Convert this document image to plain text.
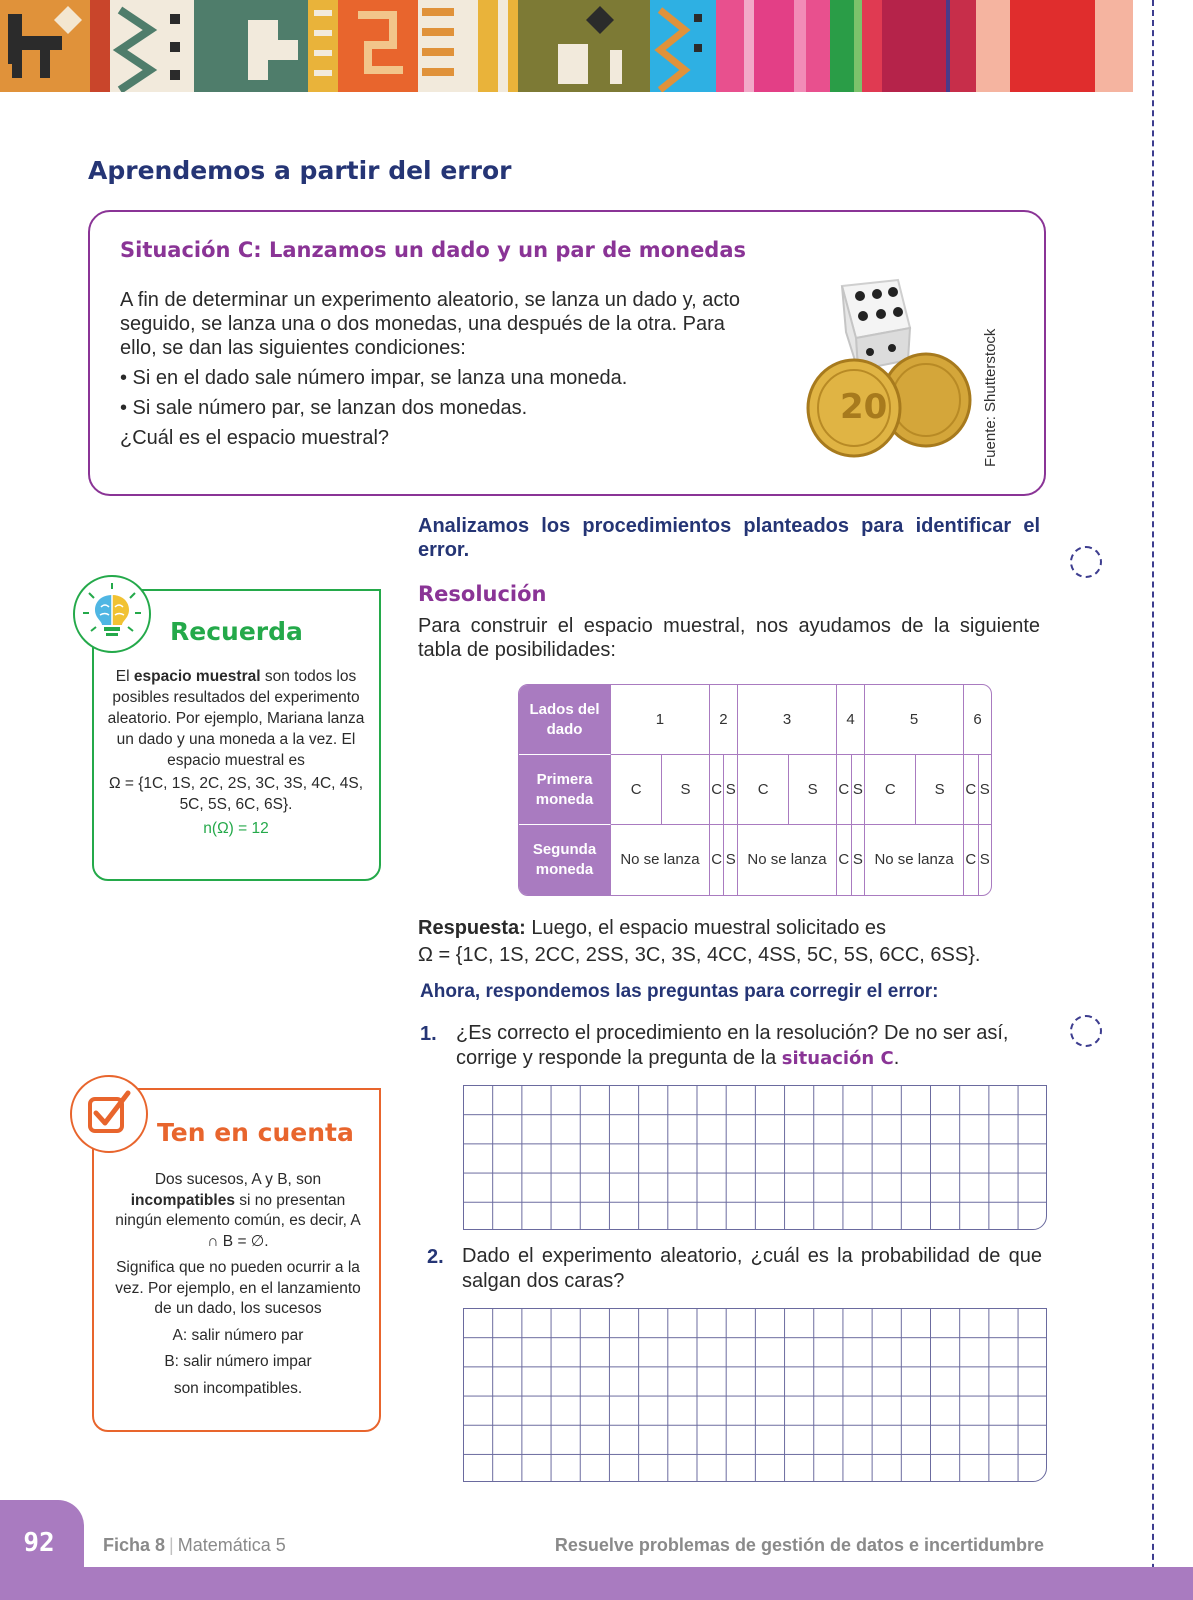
Aprendemos a partir del error
Situación C: Lanzamos un dado y un par de monedas

A fin de determinar un experimento aleatorio, se lanza un dado y, acto seguido, se lanza una o dos monedas, una después de la otra. Para ello, se dan las siguientes condiciones:

• Si en el dado sale número impar, se lanza una moneda.
• Si sale número par, se lanzan dos monedas.
¿Cuál es el espacio muestral?
20	Fuente: Shutterstock
Recuerda
El espacio muestral son todos los posibles resultados del experimento aleatorio. Por ejemplo, Mariana lanza un dado y una moneda a la vez. El espacio muestral es
Ω = {1C, 1S, 2C, 2S, 3C, 3S, 4C, 4S, 5C, 5S, 6C, 6S}.
n(Ω) = 12
Ten en cuenta

Dos sucesos, A y B, son incompatibles si no presentan ningún elemento común, es decir, A ∩ B = ∅.

Significa que no pueden ocurrir a la vez. Por ejemplo, en el lanzamiento de un dado, los sucesos

A: salir número par

B: salir número impar

son incompatibles.

Analizamos los procedimientos planteados para identificar el error.
Resolución
Para construir el espacio muestral, nos ayudamos de la siguiente tabla de posibilidades:
Lados del dado	1		2		3		4		5		6	
Primera moneda	C	S	C	S	C	S	C	S	C	S	C	S
Segunda moneda	No se lanza		C	S	No se lanza		C	S	No se lanza		C	S
Respuesta: Luego, el espacio muestral solicitado es
Ω = {1C, 1S, 2CC, 2SS, 3C, 3S, 4CC, 4SS, 5C, 5S, 6CC, 6SS}.
Ahora, respondemos las preguntas para corregir el error:
1. ¿Es correcto el procedimiento en la resolución? De no ser así, corrige y responde la pregunta de la situación C.
2. Dado el experimento aleatorio, ¿cuál es la probabilidad de que salgan dos caras?
92	Ficha 8 | Matemática 5	Resuelve problemas de gestión de datos e incertidumbre
